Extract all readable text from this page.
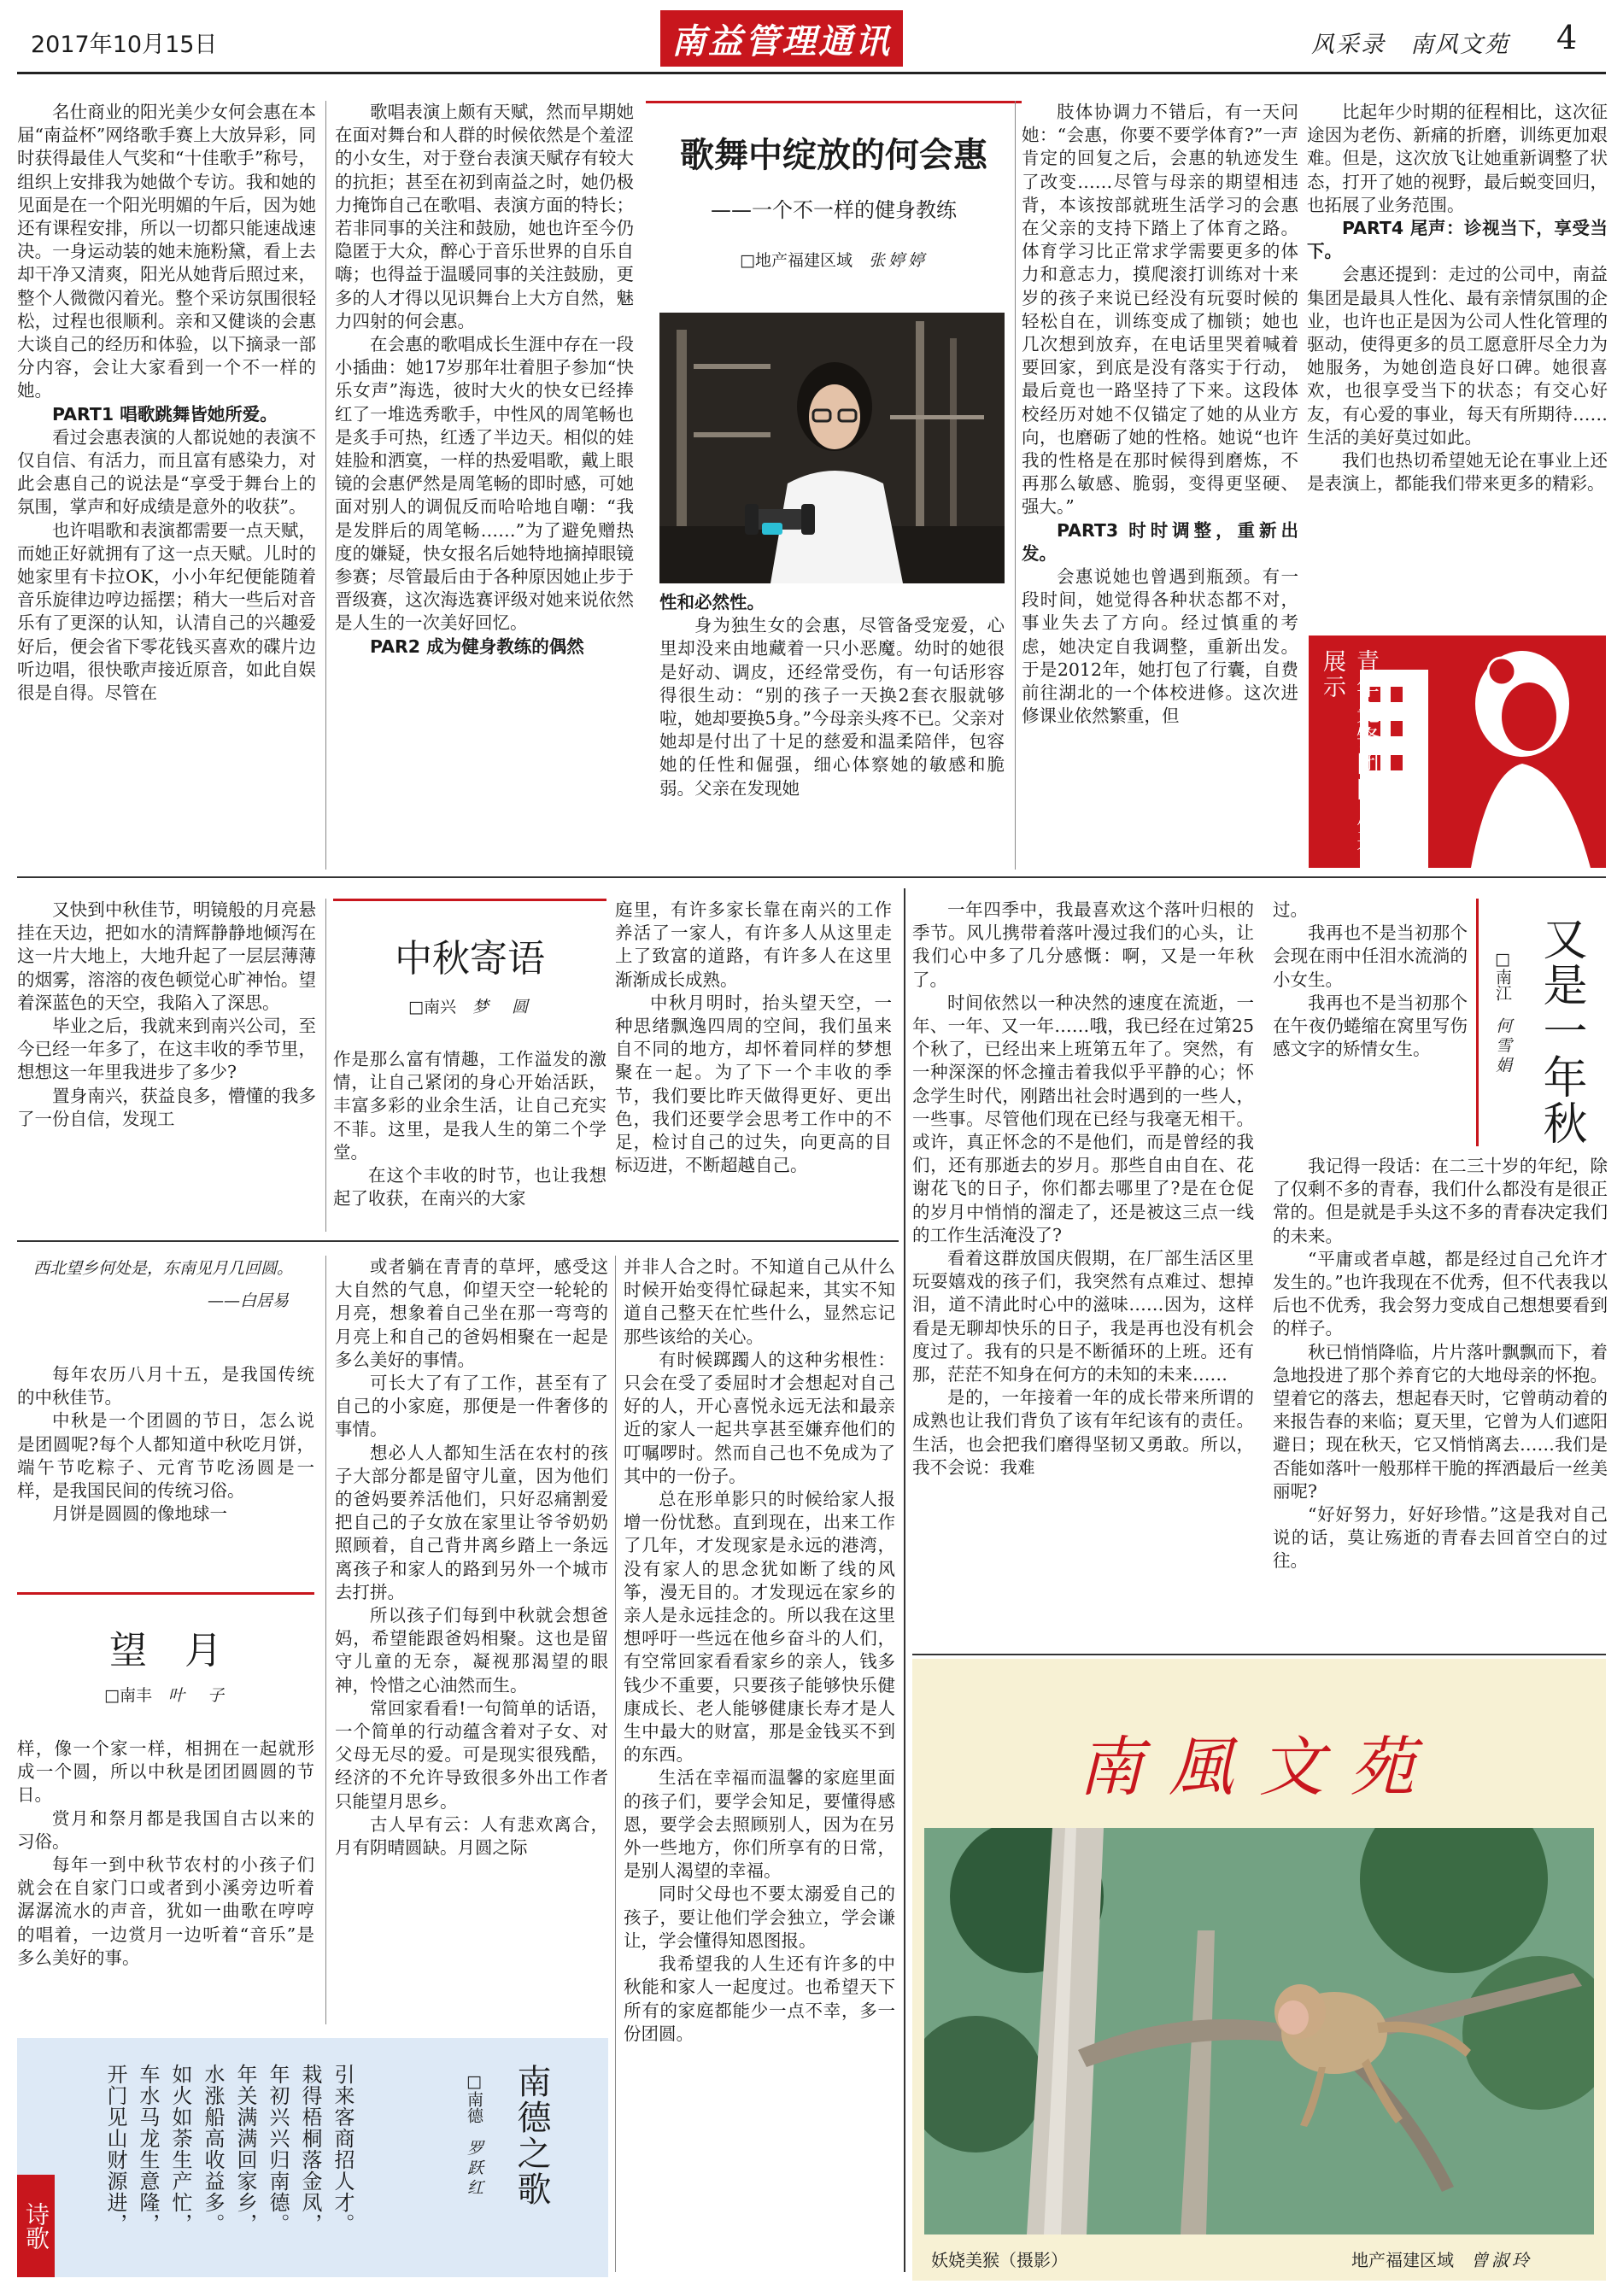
2017年10月15日	南益管理通讯	风采录　南风文苑 4

名仕商业的阳光美少女何会惠在本届“南益杯”网络歌手赛上大放异彩，同时获得最佳人气奖和“十佳歌手”称号，组织上安排我为她做个专访。我和她的见面是在一个阳光明媚的午后，因为她还有课程安排，所以一切都只能速战速决。一身运动装的她未施粉黛，看上去却干净又清爽，阳光从她背后照过来，整个人微微闪着光。整个采访氛围很轻松，过程也很顺利。亲和又健谈的会惠大谈自己的经历和体验，以下摘录一部分内容，会让大家看到一个不一样的她。

PART1 唱歌跳舞皆她所爱。

看过会惠表演的人都说她的表演不仅自信、有活力，而且富有感染力，对此会惠自己的说法是“享受于舞台上的氛围，掌声和好成绩是意外的收获”。

也许唱歌和表演都需要一点天赋，而她正好就拥有了这一点天赋。儿时的她家里有卡拉OK，小小年纪便能随着音乐旋律边哼边摇摆；稍大一些后对音乐有了更深的认知，认清自己的兴趣爱好后，便会省下零花钱买喜欢的碟片边听边唱，很快歌声接近原音，如此自娱很是自得。尽管在

歌唱表演上颇有天赋，然而早期她在面对舞台和人群的时候依然是个羞涩的小女生，对于登台表演天赋存有较大的抗拒；甚至在初到南益之时，她仍极力掩饰自己在歌唱、表演方面的特长；若非同事的关注和鼓励，她也许至今仍隐匿于大众，醉心于音乐世界的自乐自嗨；也得益于温暖同事的关注鼓励，更多的人才得以见识舞台上大方自然，魅力四射的何会惠。

在会惠的歌唱成长生涯中存在一段小插曲：她17岁那年壮着胆子参加“快乐女声”海选，彼时大火的快女已经捧红了一堆选秀歌手，中性风的周笔畅也是炙手可热，红透了半边天。相似的娃娃脸和洒寞，一样的热爱唱歌，戴上眼镜的会惠俨然是周笔畅的即时感，可她面对别人的调侃反而哈哈地自嘲：“我是发胖后的周笔畅……”为了避免赠热度的嫌疑，快女报名后她特地摘掉眼镜参赛；尽管最后由于各种原因她止步于晋级赛，这次海选赛评级对她来说依然是人生的一次美好回忆。

PAR2 成为健身教练的偶然

歌舞中绽放的何会惠
——一个不一样的健身教练
□地产福建区域　 张婷婷

性和必然性。

身为独生女的会惠，尽管备受宠爱，心里却没来由地藏着一只小恶魔。幼时的她很是好动、调皮，还经常受伤，有一句话形容得很生动：“别的孩子一天换2套衣服就够啦，她却要换5身。”今母亲头疼不已。父亲对她却是付出了十足的慈爱和温柔陪伴，包容她的任性和倔强，细心体察她的敏感和脆弱。父亲在发现她

肢体协调力不错后，有一天问她：“会惠，你要不要学体育?”一声肯定的回复之后，会惠的轨迹发生了改变……尽管与母亲的期望相违背，本该按部就班生活学习的会惠在父亲的支持下踏上了体育之路。体育学习比正常求学需要更多的体力和意志力，摸爬滚打训练对十来岁的孩子来说已经没有玩耍时候的轻松自在，训练变成了枷锁；她也几次想到放弃，在电话里哭着喊着要回家，到底是没有落实于行动，最后竟也一路坚持了下来。这段体校经历对她不仅锚定了她的从业方向，也磨砺了她的性格。她说“也许我的性格是在那时候得到磨炼，不再那么敏感、脆弱，变得更坚硬、强大。”

PART3 时时调整，重新出发。

会惠说她也曾遇到瓶颈。有一段时间，她觉得各种状态都不对，事业失去了方向。经过慎重的考虑，她决定自我调整，重新出发。于是2012年，她打包了行囊，自费前往湖北的一个体校进修。这次进修课业依然繁重，但

比起年少时期的征程相比，这次征途因为老伤、新痛的折磨，训练更加艰难。但是，这次放飞让她重新调整了状态，打开了她的视野，最后蜕变回归，也拓展了业务范围。

PART4 尾声：诊视当下，享受当下。

会惠还提到：走过的公司中，南益集团是最具人性化、最有亲情氛围的企业，也许也正是因为公司人性化管理的驱动，使得更多的员工愿意肝尽全力为她服务，为她创造良好口碑。她很喜欢，也很享受当下的状态；有交心好友，有心爱的事业，每天有所期待……生活的美好莫过如此。

我们也热切希望她无论在事业上还是表演上，都能我们带来更多的精彩。

青年先锋团队风采展示

又快到中秋佳节，明镜般的月亮悬挂在天边，把如水的清辉静静地倾泻在这一片大地上，大地升起了一层层薄薄的烟雾，溶溶的夜色顿觉心旷神怡。望着深蓝色的天空，我陷入了深思。

毕业之后，我就来到南兴公司，至今已经一年多了，在这丰收的季节里，想想这一年里我进步了多少?

置身南兴，获益良多，懵懂的我多了一份自信，发现工

中秋寄语
□南兴　 梦　圆

作是那么富有情趣，工作溢发的激情，让自己紧闭的身心开始活跃，丰富多彩的业余生活，让自己充实不菲。这里，是我人生的第二个学堂。

在这个丰收的时节，也让我想起了收获，在南兴的大家

庭里，有许多家长靠在南兴的工作养活了一家人，有许多人从这里走上了致富的道路，有许多人在这里渐渐成长成熟。

中秋月明时，抬头望天空，一种思绪飘逸四周的空间，我们虽来自不同的地方，却怀着同样的梦想聚在一起。为了下一个丰收的季节，我们要比昨天做得更好、更出色，我们还要学会思考工作中的不足，检讨自己的过失，向更高的目标迈进，不断超越自己。

一年四季中，我最喜欢这个落叶归根的季节。风儿携带着落叶漫过我们的心头，让我们心中多了几分感慨：啊，又是一年秋了。

时间依然以一种决然的速度在流逝，一年、一年、又一年……哦，我已经在过第25个秋了，已经出来上班第五年了。突然，有一种深深的怀念撞击着我似乎平静的心；怀念学生时代，刚踏出社会时遇到的一些人，一些事。尽管他们现在已经与我毫无相干。或许，真正怀念的不是他们，而是曾经的我们，还有那逝去的岁月。那些自由自在、花谢花飞的日子，你们都去哪里了?是在仓促的岁月中悄悄的溜走了，还是被这三点一线的工作生活淹没了?

看着这群放国庆假期，在厂部生活区里玩耍嬉戏的孩子们，我突然有点难过、想掉泪，道不清此时心中的滋味……因为，这样看是无聊却快乐的日子，我是再也没有机会度过了。我有的只是不断循环的上班。还有那，茫茫不知身在何方的未知的未来……

是的，一年接着一年的成长带来所谓的成熟也让我们背负了该有年纪该有的责任。生活，也会把我们磨得坚韧又勇敢。所以，我不会说：我难

过。

我再也不是当初那个会现在雨中任泪水流淌的小女生。

我再也不是当初那个在午夜仍蜷缩在窝里写伤感文字的矫情女生。	又是一年秋
□南江　何雪娟

我记得一段话：在二三十岁的年纪，除了仅剩不多的青春，我们什么都没有是很正常的。但是就是手头这不多的青春决定我们的未来。

“平庸或者卓越，都是经过自己允许才发生的。”也许我现在不优秀，但不代表我以后也不优秀，我会努力变成自己想想要看到的样子。

秋已悄悄降临，片片落叶飘飘而下，着急地投进了那个养育它的大地母亲的怀抱。望着它的落去，想起春天时，它曾萌动着的来报告春的来临；夏天里，它曾为人们遮阳避日；现在秋天，它又悄悄离去……我们是否能如落叶一般那样干脆的挥洒最后一丝美丽呢?

“好好努力，好好珍惜。”这是我对自己说的话，莫让殇逝的青春去回首空白的过往。

西北望乡何处是，东南见月几回圆。
——白居易

每年农历八月十五，是我国传统的中秋佳节。

中秋是一个团圆的节日，怎么说是团圆呢?每个人都知道中秋吃月饼，端午节吃粽子、元宵节吃汤圆是一样，是我国民间的传统习俗。

月饼是圆圆的像地球一

望　月
□南丰　 叶　子

样，像一个家一样，相拥在一起就形成一个圆，所以中秋是团团圆圆的节日。

赏月和祭月都是我国自古以来的习俗。

每年一到中秋节农村的小孩子们就会在自家门口或者到小溪旁边听着潺潺流水的声音，犹如一曲歌在哼哼的唱着，一边赏月一边听着“音乐”是多么美好的事。

或者躺在青青的草坪，感受这大自然的气息，仰望天空一轮轮的月亮，想象着自己坐在那一弯弯的月亮上和自己的爸妈相聚在一起是多么美好的事情。

可长大了有了工作，甚至有了自己的小家庭，那便是一件奢侈的事情。

想必人人都知生活在农村的孩子大部分都是留守儿童，因为他们的爸妈要养活他们，只好忍痛割爱把自己的子女放在家里让爷爷奶奶照顾着，自己背井离乡踏上一条远离孩子和家人的路到另外一个城市去打拼。

所以孩子们每到中秋就会想爸妈，希望能跟爸妈相聚。这也是留守儿童的无奈，凝视那渴望的眼神，怜惜之心油然而生。

常回家看看!一句简单的话语，一个简单的行动蕴含着对子女、对父母无尽的爱。可是现实很残酷，经济的不允许导致很多外出工作者只能望月思乡。

古人早有云：人有悲欢离合，月有阴晴圆缺。月圆之际

并非人合之时。不知道自己从什么时候开始变得忙碌起来，其实不知道自己整天在忙些什么，显然忘记那些该给的关心。

有时候踯躅人的这种劣根性：只会在受了委屈时才会想起对自己好的人，开心喜悦永远无法和最亲近的家人一起共享甚至嫌弃他们的叮嘱啰时。然而自己也不免成为了其中的一份子。

总在形单影只的时候给家人报增一份忧愁。直到现在，出来工作了几年，才发现家是永远的港湾，没有家人的思念犹如断了线的风筝，漫无目的。才发现远在家乡的亲人是永远挂念的。所以我在这里想呼吁一些远在他乡奋斗的人们，有空常回家看看家乡的亲人，钱多钱少不重要，只要孩子能够快乐健康成长、老人能够健康长寿才是人生中最大的财富，那是金钱买不到的东西。

生活在幸福而温馨的家庭里面的孩子们，要学会知足，要懂得感恩，要学会去照顾别人，因为在另外一些地方，你们所享有的日常，是别人渴望的幸福。

同时父母也不要太溺爱自己的孩子，要让他们学会独立，学会谦让，学会懂得知恩图报。

我希望我的人生还有许多的中秋能和家人一起度过。也希望天下所有的家庭都能少一点不幸，多一份团圆。

诗歌	引来客商招人才。
栽得梧桐落金凤，
年初兴兴归南德。
年关满满回家乡，
水涨船高收益多。
如火如荼生产忙，
车水马龙生意隆，
开门见山财源进，	□南德　罗跃红 南德之歌
南風文苑
妖娆美猴（摄影）	地产福建区域　 曾淑玲
